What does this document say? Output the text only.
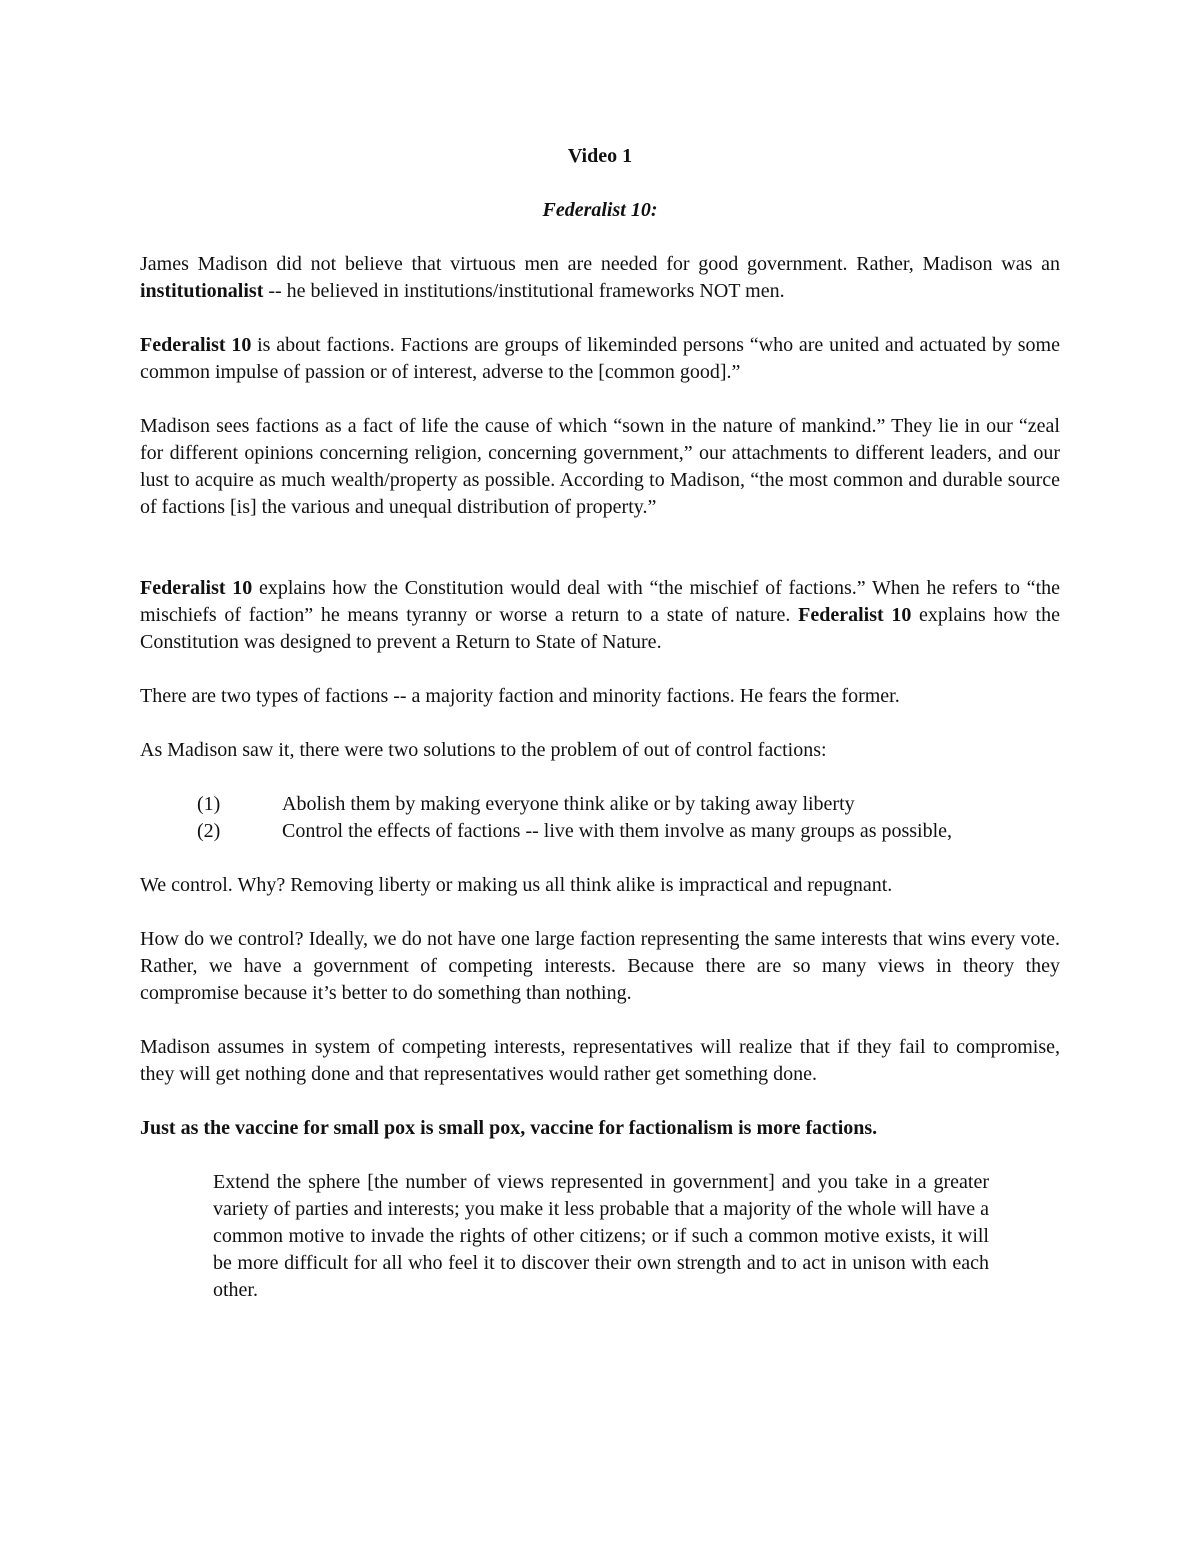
Video 1
Federalist 10:

James Madison did not believe that virtuous men are needed for good government. Rather, Madison was an institutionalist -- he believed in institutions/institutional frameworks NOT men.

Federalist 10 is about factions. Factions are groups of likeminded persons “who are united and actuated by some common impulse of passion or of interest, adverse to the [common good].”

Madison sees factions as a fact of life the cause of which “sown in the nature of mankind.” They lie in our “zeal for different opinions concerning religion, concerning government,” our attachments to different leaders, and our lust to acquire as much wealth/property as possible. According to Madison, “the most common and durable source of factions [is] the various and unequal distribution of property.”

Federalist 10 explains how the Constitution would deal with “the mischief of factions.” When he refers to “the mischiefs of faction” he means tyranny or worse a return to a state of nature. Federalist 10 explains how the Constitution was designed to prevent a Return to State of Nature.

There are two types of factions -- a majority faction and minority factions. He fears the former.

As Madison saw it, there were two solutions to the problem of out of control factions:

(1)	Abolish them by making everyone think alike or by taking away liberty
(2)	Control the effects of factions -- live with them involve as many groups as possible,

We control. Why? Removing liberty or making us all think alike is impractical and repugnant.

How do we control? Ideally, we do not have one large faction representing the same interests that wins every vote. Rather, we have a government of competing interests. Because there are so many views in theory they compromise because it’s better to do something than nothing.

Madison assumes in system of competing interests, representatives will realize that if they fail to compromise, they will get nothing done and that representatives would rather get something done.

Just as the vaccine for small pox is small pox, vaccine for factionalism is more factions.

Extend the sphere [the number of views represented in government] and you take in a greater variety of parties and interests; you make it less probable that a majority of the whole will have a common motive to invade the rights of other citizens; or if such a common motive exists, it will be more difficult for all who feel it to discover their own strength and to act in unison with each other.
